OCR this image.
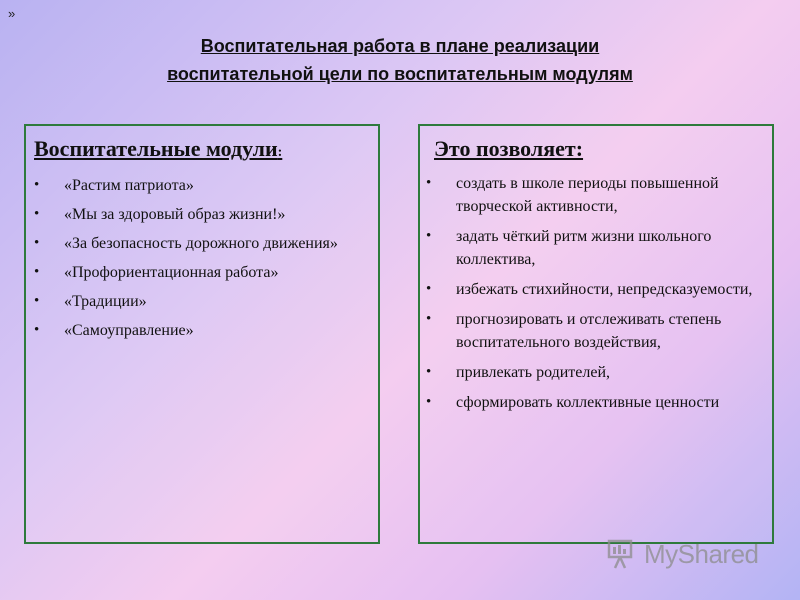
»
Воспитательная работа в плане реализации
воспитательной цели по воспитательным модулям
Воспитательные модули:
• «Растим патриота»
• «Мы за здоровый образ жизни!»
• «За безопасность дорожного движения»
• «Профориентационная работа»
• «Традиции»
• «Самоуправление»
Это позволяет:
• создать в школе периоды повышенной творческой активности,
• задать чёткий ритм жизни школьного коллектива,
• избежать стихийности, непредсказуемости,
• прогнозировать и отслеживать степень воспитательного воздействия,
• привлекать родителей,
• сформировать коллективные ценности
MyShared
